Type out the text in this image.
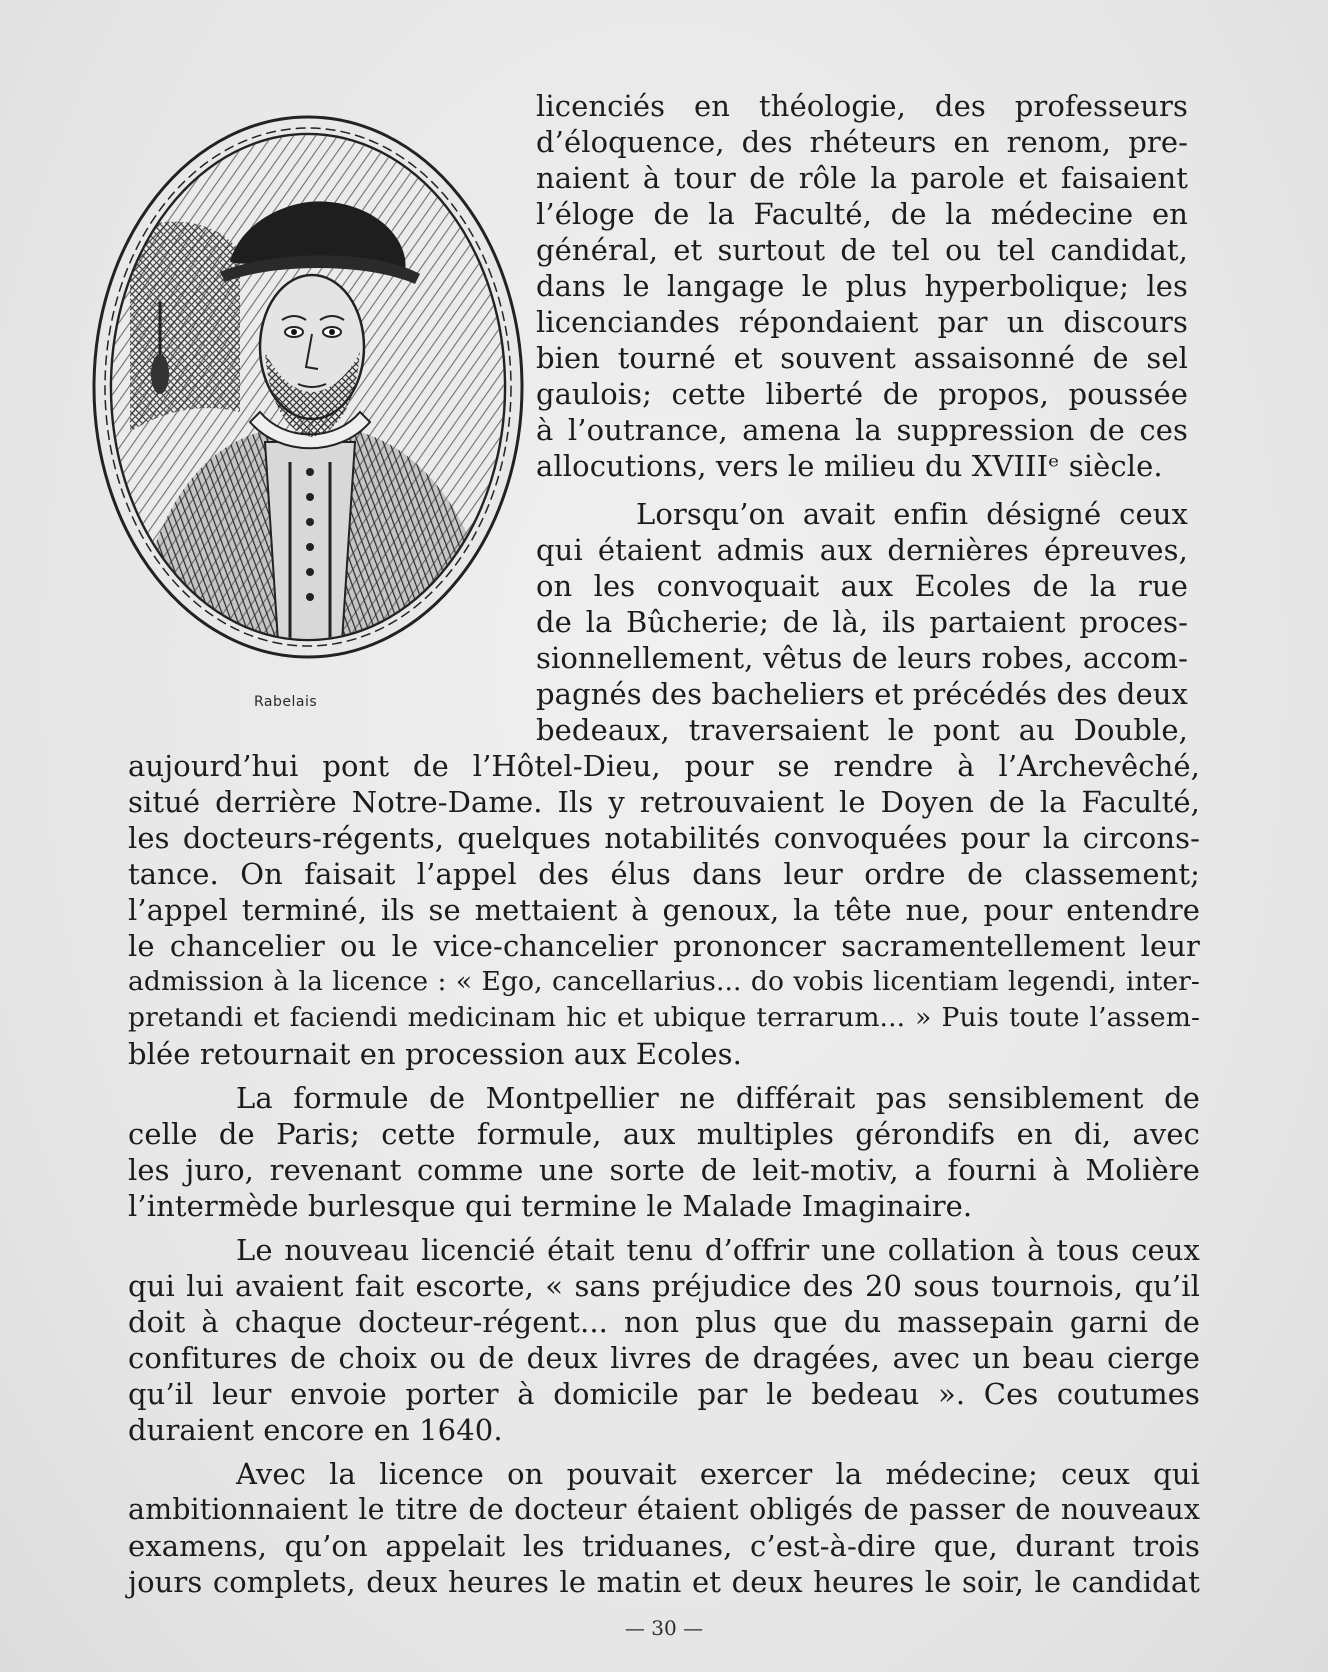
Rabelais
licenciés en théologie, des professeurs
d’éloquence, des rhéteurs en renom, pre-
naient à tour de rôle la parole et faisaient
l’éloge de la Faculté, de la médecine en
général, et surtout de tel ou tel candidat,
dans le langage le plus hyperbolique; les
licenciandes répondaient par un discours
bien tourné et souvent assaisonné de sel
gaulois; cette liberté de propos, poussée
à l’outrance, amena la suppression de ces
allocutions, vers le milieu du XVIIIᵉ siècle.
Lorsqu’on avait enfin désigné ceux
qui étaient admis aux dernières épreuves,
on les convoquait aux Ecoles de la rue
de la Bûcherie; de là, ils partaient proces-
sionnellement, vêtus de leurs robes, accom-
pagnés des bacheliers et précédés des deux
bedeaux, traversaient le pont au Double,
aujourd’hui pont de l’Hôtel-Dieu, pour se rendre à l’Archevêché,
situé derrière Notre-Dame. Ils y retrouvaient le Doyen de la Faculté,
les docteurs-régents, quelques notabilités convoquées pour la circons-
tance. On faisait l’appel des élus dans leur ordre de classement;
l’appel terminé, ils se mettaient à genoux, la tête nue, pour entendre
le chancelier ou le vice-chancelier prononcer sacramentellement leur
admission à la licence : « Ego, cancellarius... do vobis licentiam legendi, inter-
pretandi et faciendi medicinam hic et ubique terrarum... » Puis toute l’assem-
blée retournait en procession aux Ecoles.
La formule de Montpellier ne différait pas sensiblement de
celle de Paris; cette formule, aux multiples gérondifs en di, avec
les juro, revenant comme une sorte de leit-motiv, a fourni à Molière
l’intermède burlesque qui termine le Malade Imaginaire.
Le nouveau licencié était tenu d’offrir une collation à tous ceux
qui lui avaient fait escorte, « sans préjudice des 20 sous tournois, qu’il
doit à chaque docteur-régent... non plus que du massepain garni de
confitures de choix ou de deux livres de dragées, avec un beau cierge
qu’il leur envoie porter à domicile par le bedeau ». Ces coutumes
duraient encore en 1640.
Avec la licence on pouvait exercer la médecine; ceux qui
ambitionnaient le titre de docteur étaient obligés de passer de nouveaux
examens, qu’on appelait les triduanes, c’est-à-dire que, durant trois
jours complets, deux heures le matin et deux heures le soir, le candidat
— 30 —
